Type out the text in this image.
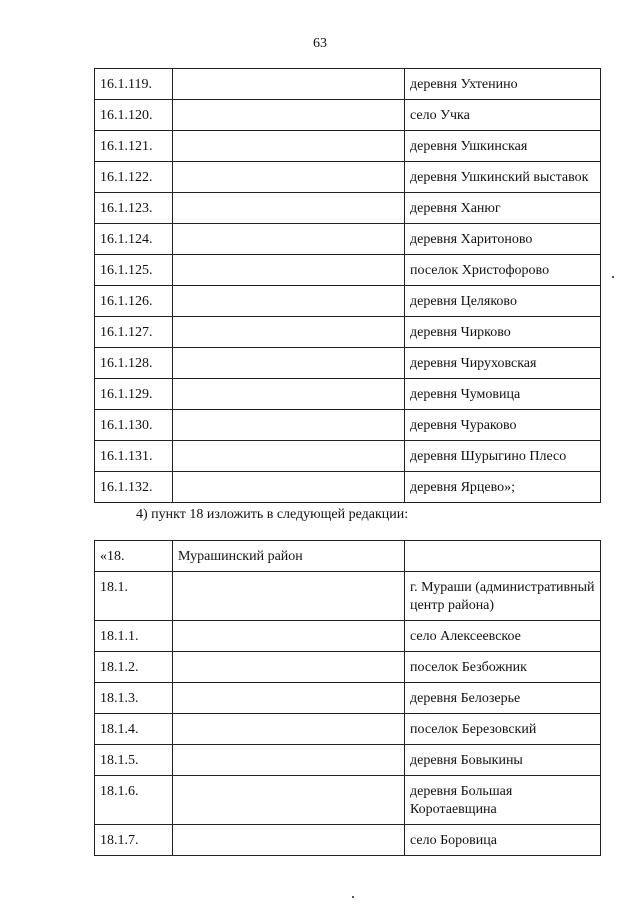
63
16.1.119.		деревня Ухтенино
16.1.120.		село Учка
16.1.121.		деревня Ушкинская
16.1.122.		деревня Ушкинский выставок
16.1.123.		деревня Ханюг
16.1.124.		деревня Харитоново
16.1.125.		поселок Христофорово
16.1.126.		деревня Целяково
16.1.127.		деревня Чирково
16.1.128.		деревня Чируховская
16.1.129.		деревня Чумовица
16.1.130.		деревня Чураково
16.1.131.		деревня Шурыгино Плесо
16.1.132.		деревня Ярцево»;
4) пункт 18 изложить в следующей редакции:
«18.	Мурашинский район	
18.1.		г. Мураши (административный центр района)
18.1.1.		село Алексеевское
18.1.2.		поселок Безбожник
18.1.3.		деревня Белозерье
18.1.4.		поселок Березовский
18.1.5.		деревня Бовыкины
18.1.6.		деревня Большая Коротаевщина
18.1.7.		село Боровица
